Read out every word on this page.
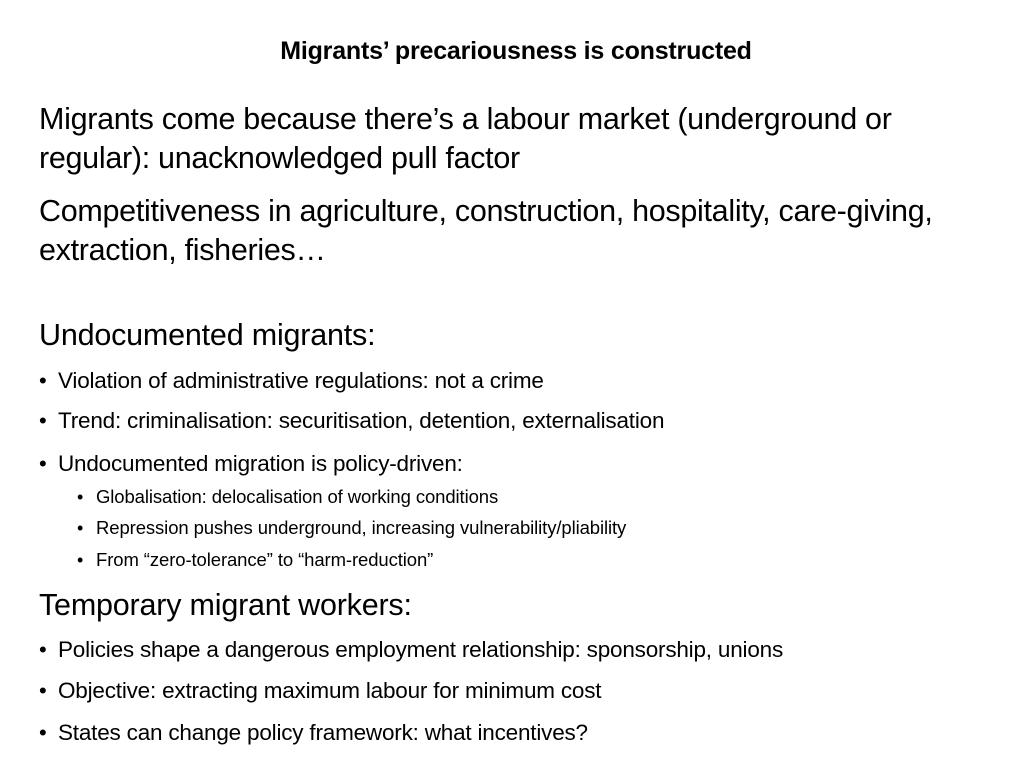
Migrants’ precariousness is constructed
Migrants come because there’s a labour market (underground or regular): unacknowledged pull factor
Competitiveness in agriculture, construction, hospitality, care-giving, extraction, fisheries…
Undocumented migrants:
• Violation of administrative regulations: not a crime
• Trend: criminalisation: securitisation, detention, externalisation
• Undocumented migration is policy-driven:
• Globalisation: delocalisation of working conditions
• Repression pushes underground, increasing vulnerability/pliability
• From “zero-tolerance” to “harm-reduction”
Temporary migrant workers:
• Policies shape a dangerous employment relationship: sponsorship, unions
• Objective: extracting maximum labour for minimum cost
• States can change policy framework: what incentives?
